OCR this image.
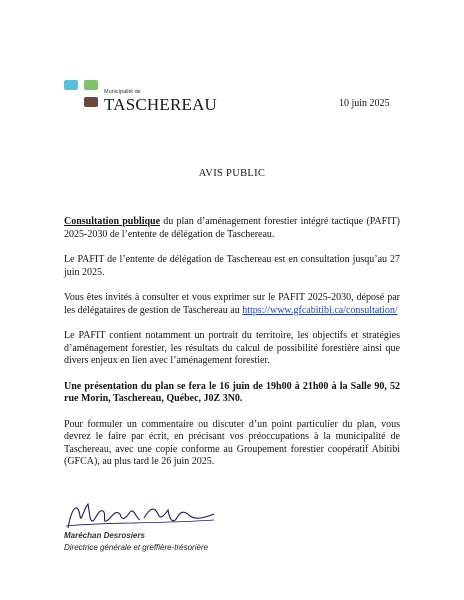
Municipalité de
TASCHEREAU	10 juin 2025
AVIS PUBLIC

Consultation publique du plan d’aménagement forestier intégré tactique (PAFIT) 2025-2030 de l’entente de délégation de Taschereau.

Le PAFIT de l’entente de délégation de Taschereau est en consultation jusqu’au 27 juin 2025.

Vous êtes invités à consulter et vous exprimer sur le PAFIT 2025-2030, déposé par les délégataires de gestion de Taschereau au https://www.gfcabitibi.ca/consultation/

Le PAFIT contient notamment un portrait du territoire, les objectifs et stratégies d’aménagement forestier, les résultats du calcul de possibilité forestière ainsi que divers enjeux en lien avec l’aménagement forestier.

Une présentation du plan se fera le 16 juin de 19h00 à 21h00 à la Salle 90, 52 rue Morin, Taschereau, Québec, J0Z 3N0.

Pour formuler un commentaire ou discuter d’un point particulier du plan, vous devrez le faire par écrit, en précisant vos préoccupations à la municipalité de Taschereau, avec une copie conforme au Groupement forestier coopératif Abitibi (GFCA), au plus tard le 26 juin 2025.

Maréchan Desrosiers
Directrice générale et greffière-trésorière
